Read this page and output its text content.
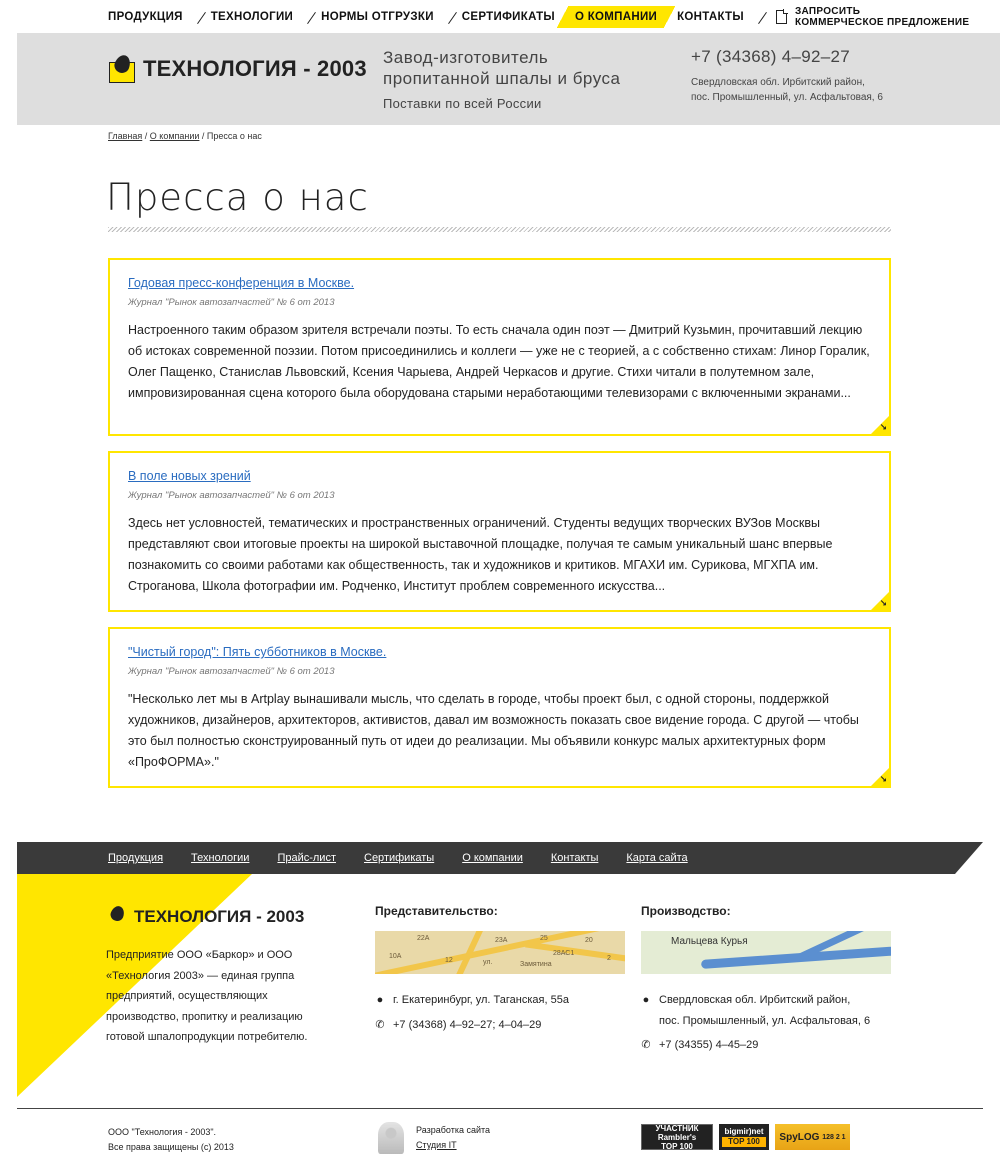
ПРОДУКЦИЯ	ТЕХНОЛОГИИ	НОРМЫ ОТГРУЗКИ	СЕРТИФИКАТЫ	О КОМПАНИИ	КОНТАКТЫ	ЗАПРОСИТЬ
КОММЕРЧЕСКОЕ ПРЕДЛОЖЕНИЕ
ТЕХНОЛОГИЯ - 2003 Завод-изготовитель
пропитанной шпалы и бруса
Поставки по всей России
+7 (34368) 4–92–27
Свердловская обл. Ирбитский район,
пос. Промышленный, ул. Асфальтовая, 6
Главная / О компании / Пресса о нас
Пресса о нас
Годовая пресс-конференция в Москве.
Журнал "Рынок автозапчастей" № 6 от 2013

Настроенного таким образом зрителя встречали поэты. То есть сначала один поэт — Дмитрий Кузьмин, прочитавший лекцию об истоках современной поэзии. Потом присоединились и коллеги — уже не с теорией, а с собственно стихам: Линор Горалик, Олег Пащенко, Станислав Львовский, Ксения Чарыева, Андрей Черкасов и другие. Стихи читали в полутемном зале, импровизированная сцена которого была оборудована старыми неработающими телевизорами с включенными экранами...

↘
В поле новых зрений
Журнал "Рынок автозапчастей" № 6 от 2013

Здесь нет условностей, тематических и пространственных ограничений. Студенты ведущих творческих ВУЗов Москвы представляют свои итоговые проекты на широкой выставочной площадке, получая те самым уникальный шанс впервые познакомить со своими работами как общественность, так и художников и критиков. МГАХИ им. Сурикова, МГХПА им. Строганова, Школа фотографии им. Родченко, Институт проблем современного искусства...

↘
"Чистый город": Пять субботников в Москве.
Журнал "Рынок автозапчастей" № 6 от 2013

"Несколько лет мы в Artplay вынашивали мысль, что сделать в городе, чтобы проект был, с одной стороны, поддержкой художников, дизайнеров, архитекторов, активистов, давал им возможность показать свое видение города. С другой — чтобы это был полностью сконструированный путь от идеи до реализации. Мы объявили конкурс малых архитектурных форм «ПроФОРМА»."

↘
Продукция	Технологии	Прайс-лист	Сертификаты	О компании	Контакты	Карта сайта
ТЕХНОЛОГИЯ - 2003

Предприятие ООО «Баркор» и ООО «Технология 2003» — единая группа предприятий, осуществляющих производство, пропитку и реализацию готовой шпалопродукции потребителю.

Представительство:
22А
10А
12
23А	25
ул.	Замятина
28АС1
20
2
● г. Екатеринбург, ул. Таганская, 55а
✆ +7 (34368) 4–92–27; 4–04–29
Производство:
Мальцева Курья
● Свердловская обл. Ирбитский район,
пос. Промышленный, ул. Асфальтовая, 6
✆ +7 (34355) 4–45–29
ООО "Технология - 2003".
Все права защищены (с) 2013
Разработка сайта
Студия IT
УЧАСТНИК
Rambler's
TOP 100
bigmir)net
TOP 100	SpyLOG
128 2 1
